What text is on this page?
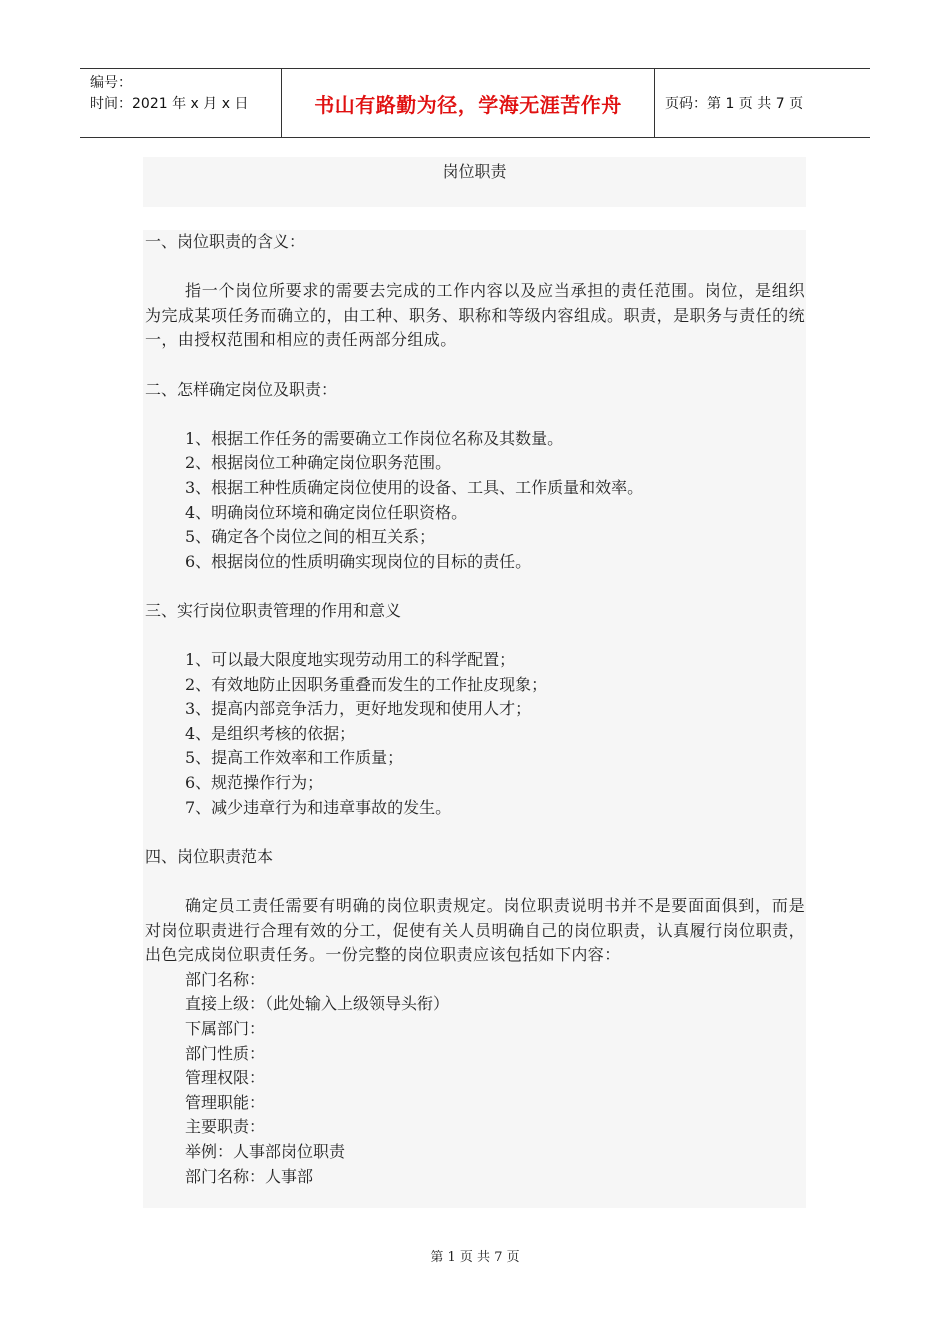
编号：
时间：2021 年 x 月 x 日	书山有路勤为径，学海无涯苦作舟	页码：第 1 页 共 7 页
岗位职责
一、岗位职责的含义：

指一个岗位所要求的需要去完成的工作内容以及应当承担的责任范围。岗位，是组织为完成某项任务而确立的，由工种、职务、职称和等级内容组成。职责，是职务与责任的统一，由授权范围和相应的责任两部分组成。

二、怎样确定岗位及职责：
1、根据工作任务的需要确立工作岗位名称及其数量。
2、根据岗位工种确定岗位职务范围。
3、根据工种性质确定岗位使用的设备、工具、工作质量和效率。
4、明确岗位环境和确定岗位任职资格。
5、确定各个岗位之间的相互关系；
6、根据岗位的性质明确实现岗位的目标的责任。
三、实行岗位职责管理的作用和意义
1、可以最大限度地实现劳动用工的科学配置；
2、有效地防止因职务重叠而发生的工作扯皮现象；
3、提高内部竞争活力，更好地发现和使用人才；
4、是组织考核的依据；
5、提高工作效率和工作质量；
6、规范操作行为；
7、减少违章行为和违章事故的发生。
四、岗位职责范本

确定员工责任需要有明确的岗位职责规定。岗位职责说明书并不是要面面俱到，而是对岗位职责进行合理有效的分工，促使有关人员明确自己的岗位职责，认真履行岗位职责，出色完成岗位职责任务。一份完整的岗位职责应该包括如下内容：

部门名称：
直接上级：（此处输入上级领导头衔）
下属部门：
部门性质：
管理权限：
管理职能：
主要职责：
举例：人事部岗位职责
部门名称：人事部
第 1 页 共 7 页
